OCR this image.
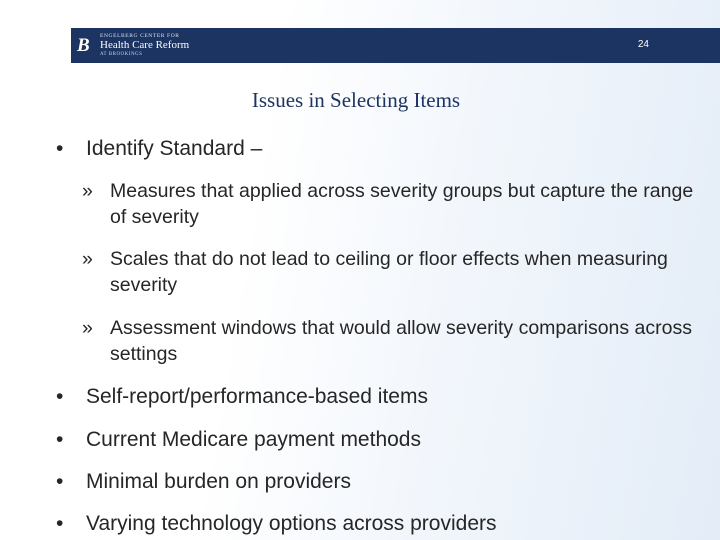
B	ENGELBERG CENTER FOR
Health Care Reform
AT BROOKINGS
24
Issues in Selecting Items
• Identify Standard –
» Measures that applied across severity groups but capture the range of severity
» Scales that do not lead to ceiling or floor effects when measuring severity
» Assessment windows that would allow severity comparisons across settings
• Self-report/performance-based items
• Current Medicare payment methods
• Minimal burden on providers
• Varying technology options across providers
